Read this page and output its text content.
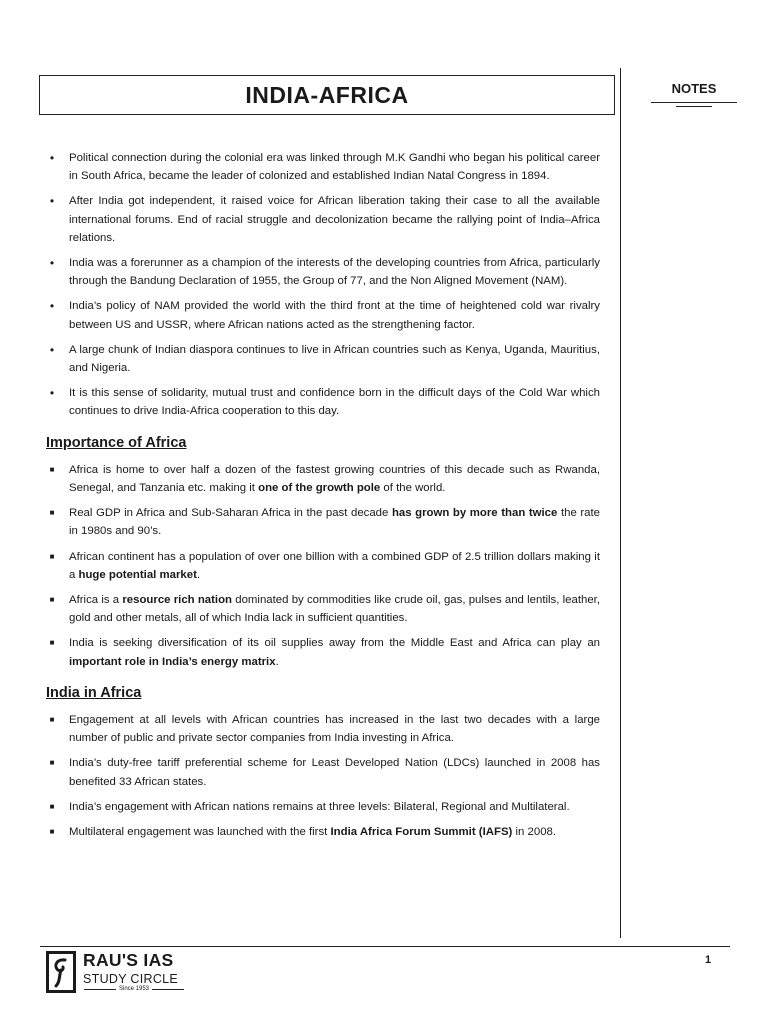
INDIA-AFRICA	NOTES
•	Political connection during the colonial era was linked through M.K Gandhi who began his political career in South Africa, became the leader of colonized and established Indian Natal Congress in 1894.
•	After India got independent, it raised voice for African liberation taking their case to all the available international forums. End of racial struggle and decolonization became the rallying point of India–Africa relations.
•	India was a forerunner as a champion of the interests of the developing countries from Africa, particularly through the Bandung Declaration of 1955, the Group of 77, and the Non Aligned Movement (NAM).
•	India’s policy of NAM provided the world with the third front at the time of heightened cold war rivalry between US and USSR, where African nations acted as the strengthening factor.
•	A large chunk of Indian diaspora continues to live in African countries such as Kenya, Uganda, Mauritius, and Nigeria.
•	It is this sense of solidarity, mutual trust and confidence born in the difficult days of the Cold War which continues to drive India-Africa cooperation to this day.
Importance of Africa
■	Africa is home to over half a dozen of the fastest growing countries of this decade such as Rwanda, Senegal, and Tanzania etc. making it one of the growth pole of the world.
■	Real GDP in Africa and Sub-Saharan Africa in the past decade has grown by more than twice the rate in 1980s and 90’s.
■	African continent has a population of over one billion with a combined GDP of 2.5 trillion dollars making it a huge potential market.
■	Africa is a resource rich nation dominated by commodities like crude oil, gas, pulses and lentils, leather, gold and other metals, all of which India lack in sufficient quantities.
■	India is seeking diversification of its oil supplies away from the Middle East and Africa can play an important role in India’s energy matrix.
India in Africa
■	Engagement at all levels with African countries has increased in the last two decades with a large number of public and private sector companies from India investing in Africa.
■	India’s duty-free tariff preferential scheme for Least Developed Nation (LDCs) launched in 2008 has benefited 33 African states.
■	India’s engagement with African nations remains at three levels: Bilateral, Regional and Multilateral.
■	Multilateral engagement was launched with the first India Africa Forum Summit (IAFS) in 2008.
RAU'S IAS
STUDY CIRCLE
Since 1953
1
